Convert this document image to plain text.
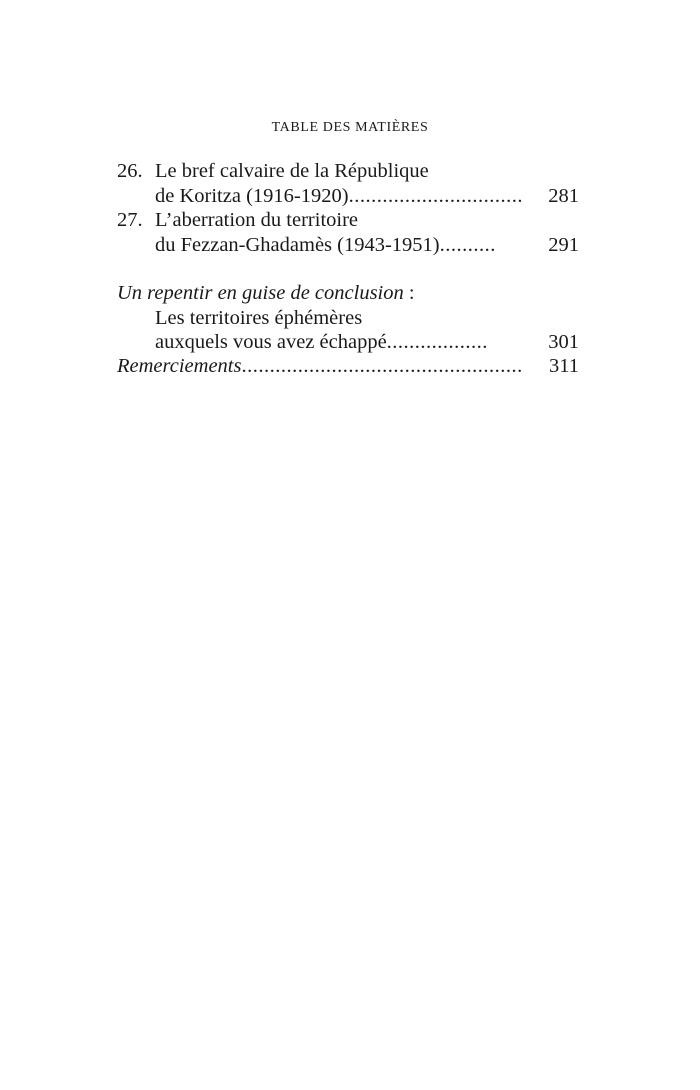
TABLE DES MATIÈRES
26. Le bref calvaire de la République
de Koritza (1916-1920)............................... 281
27. L’aberration du territoire
du Fezzan-Ghadamès (1943-1951)..........	291
Un repentir en guise de conclusion :
Les territoires éphémères
auxquels vous avez échappé..................	301
Remerciements.................................................. 311
